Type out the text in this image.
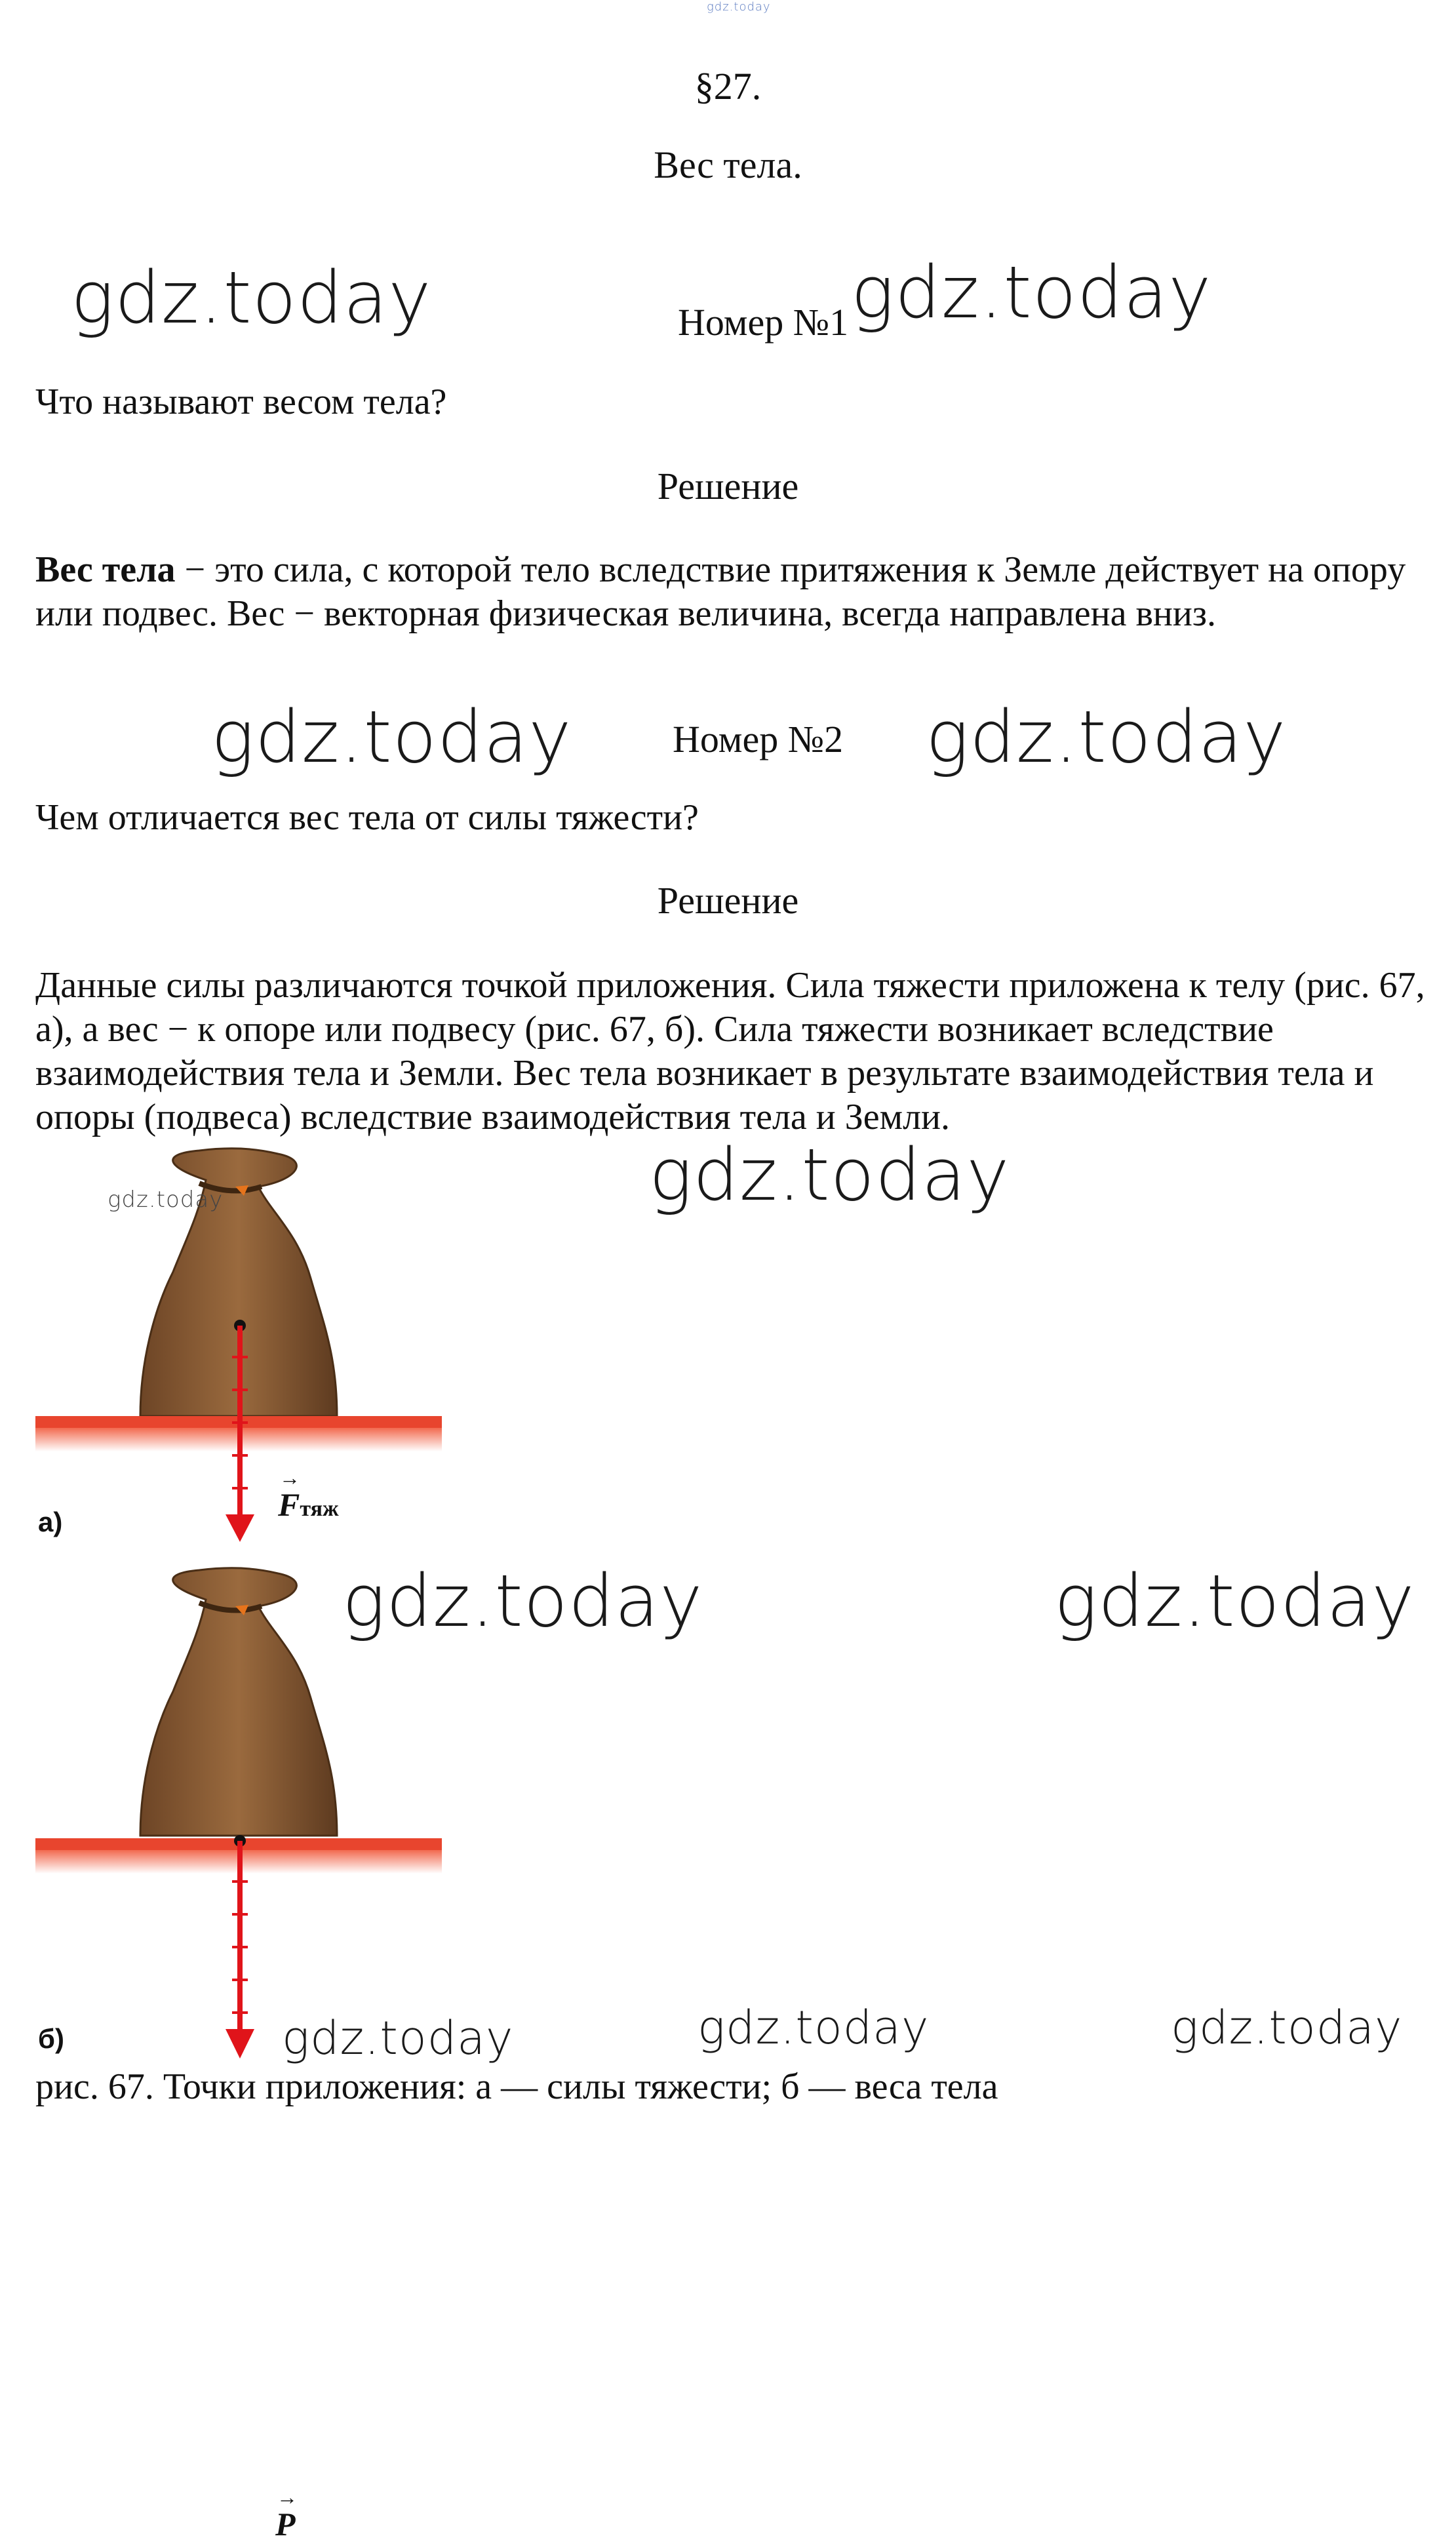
gdz.today
§27.
Вес тела.
gdz.today	Номер №1 gdz.today
Что называют весом тела?
Решение
Вес тела − это сила, с которой тело вследствие притяжения к Земле действует на опору или подвес. Вес − векторная физическая величина, всегда направлена вниз.
gdz.today	Номер №2 gdz.today
Чем отличается вес тела от силы тяжести?
Решение
Данные силы различаются точкой приложения. Сила тяжести приложена к телу (рис. 67, а), а вес − к опоре или подвесу (рис. 67, б). Сила тяжести возникает вследствие взаимодействия тела и Земли. Вес тела возникает в результате взаимодействия тела и опоры (подвеса) вследствие взаимодействия тела и Земли.
gdz.today
gdz.today
а)	F
→
тяж

б)
P
→
gdz.today	gdz.today
gdz.today	gdz.today	gdz.today
рис. 67. Точки приложения: а — силы тяжести; б — веса тела
